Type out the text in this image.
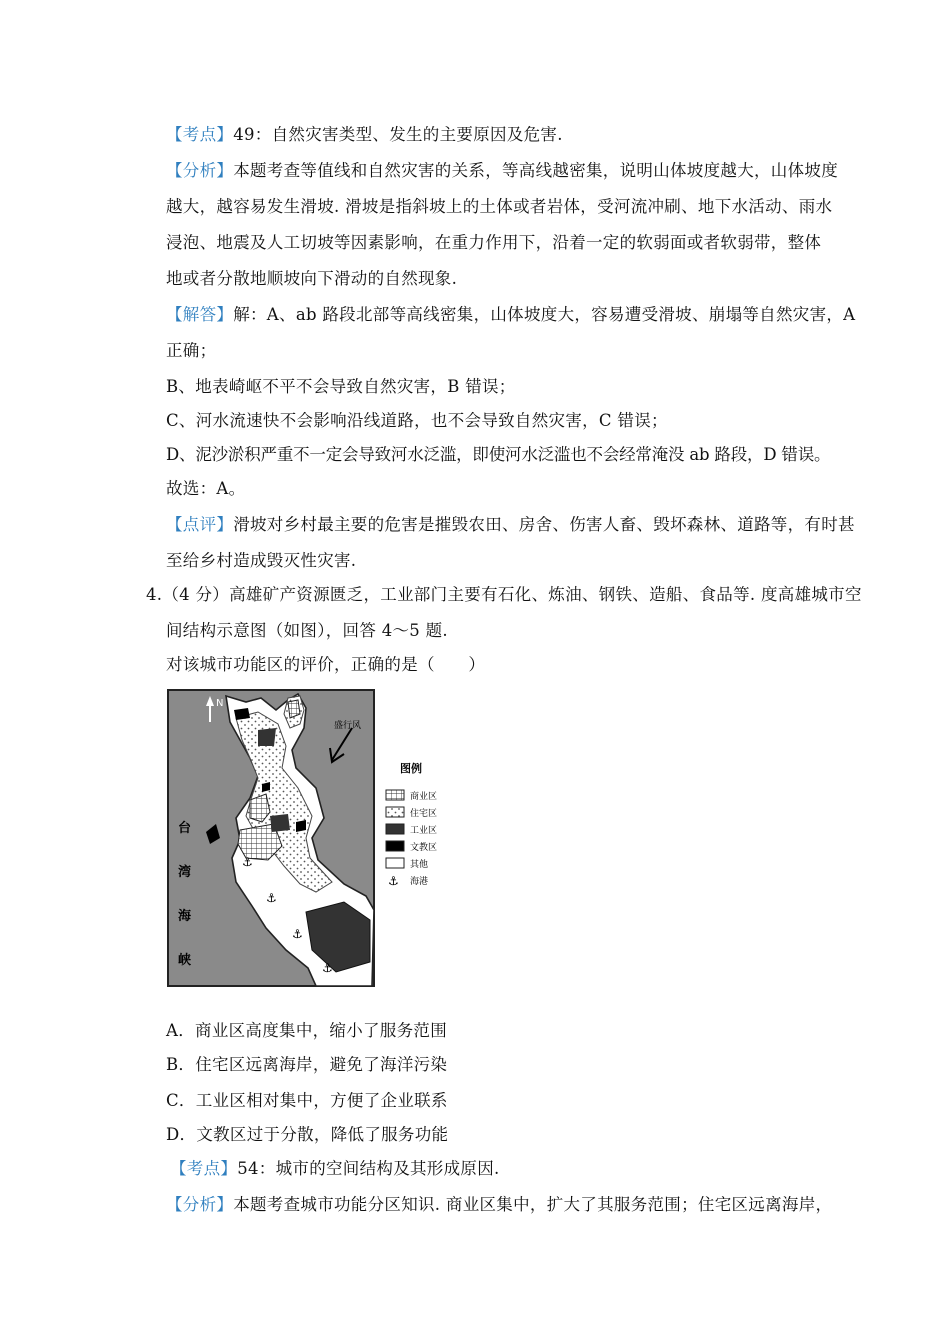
【考点】49：自然灾害类型、发生的主要原因及危害.
【分析】本题考查等值线和自然灾害的关系，等高线越密集，说明山体坡度越大，山体坡度
越大，越容易发生滑坡. 滑坡是指斜坡上的土体或者岩体，受河流冲刷、地下水活动、雨水
浸泡、地震及人工切坡等因素影响，在重力作用下，沿着一定的软弱面或者软弱带，整体
地或者分散地顺坡向下滑动的自然现象.
【解答】解：A、ab 路段北部等高线密集，山体坡度大，容易遭受滑坡、崩塌等自然灾害，A
正确；
B、地表崎岖不平不会导致自然灾害，B 错误；
C、河水流速快不会影响沿线道路，也不会导致自然灾害，C 错误；
D、泥沙淤积严重不一定会导致河水泛滥，即使河水泛滥也不会经常淹没 ab 路段，D 错误。
故选：A。
【点评】滑坡对乡村最主要的危害是摧毁农田、房舍、伤害人畜、毁坏森林、道路等，有时甚
至给乡村造成毁灭性灾害.
4.（4 分）高雄矿产资源匮乏，工业部门主要有石化、炼油、钢铁、造船、食品等. 度高雄城市空
间结构示意图（如图），回答 4～5 题.
对该城市功能区的评价，正确的是（　　）
⚓
⚓
⚓
⚓
N
盛行风
台
湾
海
峡
图例
商业区
住宅区
工业区
文教区
其他
⚓ 海港
A．商业区高度集中，缩小了服务范围
B．住宅区远离海岸，避免了海洋污染
C．工业区相对集中，方便了企业联系
D．文教区过于分散，降低了服务功能
【考点】54：城市的空间结构及其形成原因.
【分析】本题考查城市功能分区知识. 商业区集中，扩大了其服务范围；住宅区远离海岸，
